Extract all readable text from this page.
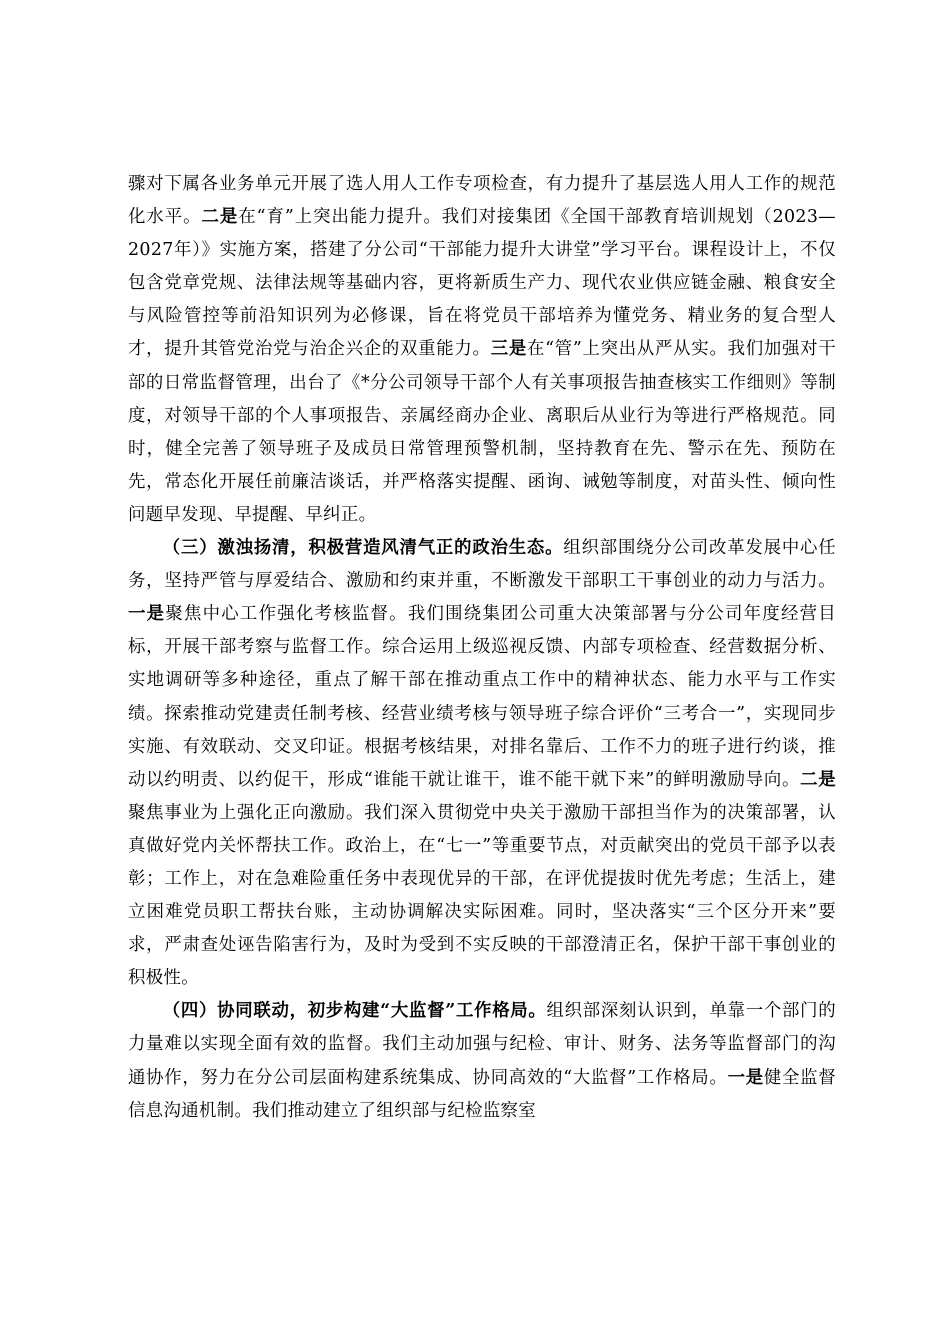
骤对下属各业务单元开展了选人用人工作专项检查，有力提升了基层选人用人工作的规范化水平。二是在“育”上突出能力提升。我们对接集团《全国干部教育培训规划（2023—2027年）》实施方案，搭建了分公司“干部能力提升大讲堂”学习平台。课程设计上，不仅包含党章党规、法律法规等基础内容，更将新质生产力、现代农业供应链金融、粮食安全与风险管控等前沿知识列为必修课，旨在将党员干部培养为懂党务、精业务的复合型人才，提升其管党治党与治企兴企的双重能力。三是在“管”上突出从严从实。我们加强对干部的日常监督管理，出台了《*分公司领导干部个人有关事项报告抽查核实工作细则》等制度，对领导干部的个人事项报告、亲属经商办企业、离职后从业行为等进行严格规范。同时，健全完善了领导班子及成员日常管理预警机制，坚持教育在先、警示在先、预防在先，常态化开展任前廉洁谈话，并严格落实提醒、函询、诫勉等制度，对苗头性、倾向性问题早发现、早提醒、早纠正。

（三）激浊扬清，积极营造风清气正的政治生态。组织部围绕分公司改革发展中心任务，坚持严管与厚爱结合、激励和约束并重，不断激发干部职工干事创业的动力与活力。一是聚焦中心工作强化考核监督。我们围绕集团公司重大决策部署与分公司年度经营目标，开展干部考察与监督工作。综合运用上级巡视反馈、内部专项检查、经营数据分析、实地调研等多种途径，重点了解干部在推动重点工作中的精神状态、能力水平与工作实绩。探索推动党建责任制考核、经营业绩考核与领导班子综合评价“三考合一”，实现同步实施、有效联动、交叉印证。根据考核结果，对排名靠后、工作不力的班子进行约谈，推动以约明责、以约促干，形成“谁能干就让谁干，谁不能干就下来”的鲜明激励导向。二是聚焦事业为上强化正向激励。我们深入贯彻党中央关于激励干部担当作为的决策部署，认真做好党内关怀帮扶工作。政治上，在“七一”等重要节点，对贡献突出的党员干部予以表彰；工作上，对在急难险重任务中表现优异的干部，在评优提拔时优先考虑；生活上，建立困难党员职工帮扶台账，主动协调解决实际困难。同时，坚决落实“三个区分开来”要求，严肃查处诬告陷害行为，及时为受到不实反映的干部澄清正名，保护干部干事创业的积极性。

（四）协同联动，初步构建“大监督”工作格局。组织部深刻认识到，单靠一个部门的力量难以实现全面有效的监督。我们主动加强与纪检、审计、财务、法务等监督部门的沟通协作，努力在分公司层面构建系统集成、协同高效的“大监督”工作格局。一是健全监督信息沟通机制。我们推动建立了组织部与纪检监察室
